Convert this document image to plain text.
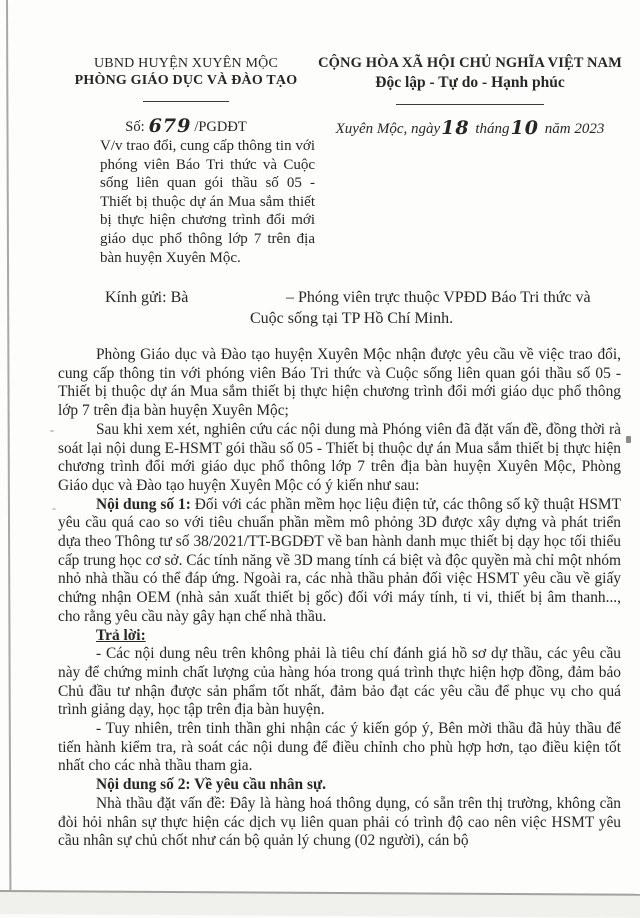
UBND HUYỆN XUYÊN MỘC
PHÒNG GIÁO DỤC VÀ ĐÀO TẠO
Số: 679 /PGDĐT
CỘNG HÒA XÃ HỘI CHỦ NGHĨA VIỆT NAM
Độc lập - Tự do - Hạnh phúc
Xuyên Mộc, ngày18 tháng10 năm 2023
V/v trao đổi, cung cấp thông tin với phóng viên Báo Tri thức và Cuộc sống liên quan gói thầu số 05 - Thiết bị thuộc dự án Mua sắm thiết bị thực hiện chương trình đổi mới giáo dục phổ thông lớp 7 trên địa bàn huyện Xuyên Mộc.
Kính gửi: Bà	– Phóng viên trực thuộc VPĐD Báo Tri thức và
Cuộc sống tại TP Hồ Chí Minh.

Phòng Giáo dục và Đào tạo huyện Xuyên Mộc nhận được yêu cầu về việc trao đổi, cung cấp thông tin với phóng viên Báo Tri thức và Cuộc sống liên quan gói thầu số 05 - Thiết bị thuộc dự án Mua sắm thiết bị thực hiện chương trình đổi mới giáo dục phổ thông lớp 7 trên địa bàn huyện Xuyên Mộc;

Sau khi xem xét, nghiên cứu các nội dung mà Phóng viên đã đặt vấn đề, đồng thời rà soát lại nội dung E-HSMT gói thầu số 05 - Thiết bị thuộc dự án Mua sắm thiết bị thực hiện chương trình đổi mới giáo dục phổ thông lớp 7 trên địa bàn huyện Xuyên Mộc, Phòng Giáo dục và Đào tạo huyện Xuyên Mộc có ý kiến như sau:

Nội dung số 1: Đối với các phần mềm học liệu điện tử, các thông số kỹ thuật HSMT yêu cầu quá cao so với tiêu chuẩn phần mềm mô phỏng 3D được xây dựng và phát triển dựa theo Thông tư số 38/2021/TT-BGDĐT về ban hành danh mục thiết bị dạy học tối thiểu cấp trung học cơ sở. Các tính năng về 3D mang tính cá biệt và độc quyền mà chỉ một nhóm nhỏ nhà thầu có thể đáp ứng. Ngoài ra, các nhà thầu phản đối việc HSMT yêu cầu về giấy chứng nhận OEM (nhà sản xuất thiết bị gốc) đối với máy tính, ti vi, thiết bị âm thanh..., cho rằng yêu cầu này gây hạn chế nhà thầu.

Trả lời:

- Các nội dung nêu trên không phải là tiêu chí đánh giá hồ sơ dự thầu, các yêu cầu này để chứng minh chất lượng của hàng hóa trong quá trình thực hiện hợp đồng, đảm bảo Chủ đầu tư nhận được sản phẩm tốt nhất, đảm bảo đạt các yêu cầu để phục vụ cho quá trình giảng dạy, học tập trên địa bàn huyện.

- Tuy nhiên, trên tinh thần ghi nhận các ý kiến góp ý, Bên mời thầu đã hủy thầu để tiến hành kiểm tra, rà soát các nội dung để điều chỉnh cho phù hợp hơn, tạo điều kiện tốt nhất cho các nhà thầu tham gia.

Nội dung số 2: Về yêu cầu nhân sự.

Nhà thầu đặt vấn đề: Đây là hàng hoá thông dụng, có sẵn trên thị trường, không cần đòi hỏi nhân sự thực hiện các dịch vụ liên quan phải có trình độ cao nên việc HSMT yêu cầu nhân sự chủ chốt như cán bộ quản lý chung (02 người), cán bộ
